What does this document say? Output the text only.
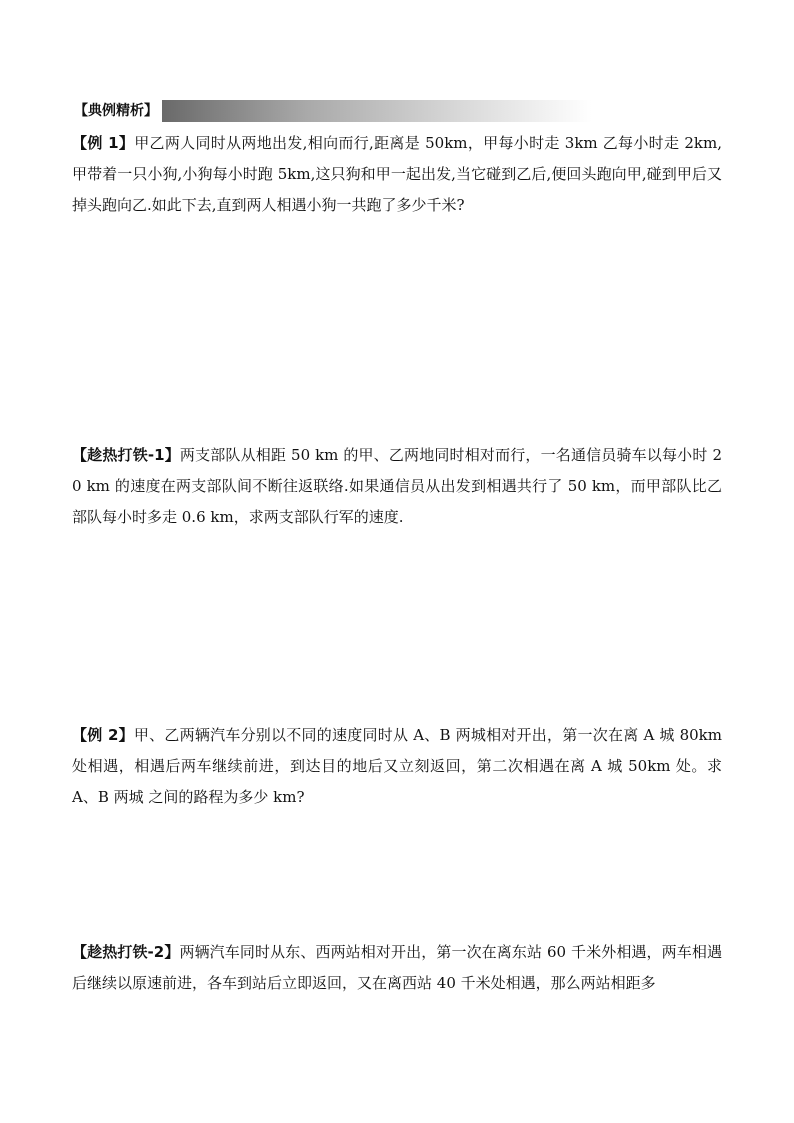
【典例精析】
【例 1】甲乙两人同时从两地出发,相向而行,距离是 50km，甲每小时走 3km 乙每小时走 2km,甲带着一只小狗,小狗每小时跑 5km,这只狗和甲一起出发,当它碰到乙后,便回头跑向甲,碰到甲后又掉头跑向乙.如此下去,直到两人相遇小狗一共跑了多少千米?
【趁热打铁-1】两支部队从相距 50 km 的甲、乙两地同时相对而行，一名通信员骑车以每小时 20 km 的速度在两支部队间不断往返联络.如果通信员从出发到相遇共行了 50 km，而甲部队比乙部队每小时多走 0.6 km，求两支部队行军的速度.
【例 2】甲、乙两辆汽车分别以不同的速度同时从 A、B 两城相对开出，第一次在离 A 城 80km 处相遇，相遇后两车继续前进，到达目的地后又立刻返回，第二次相遇在离 A 城 50km 处。求 A、B 两城 之间的路程为多少 km?
【趁热打铁-2】两辆汽车同时从东、西两站相对开出，第一次在离东站 60 千米外相遇，两车相遇后继续以原速前进，各车到站后立即返回，又在离西站 40 千米处相遇，那么两站相距多
